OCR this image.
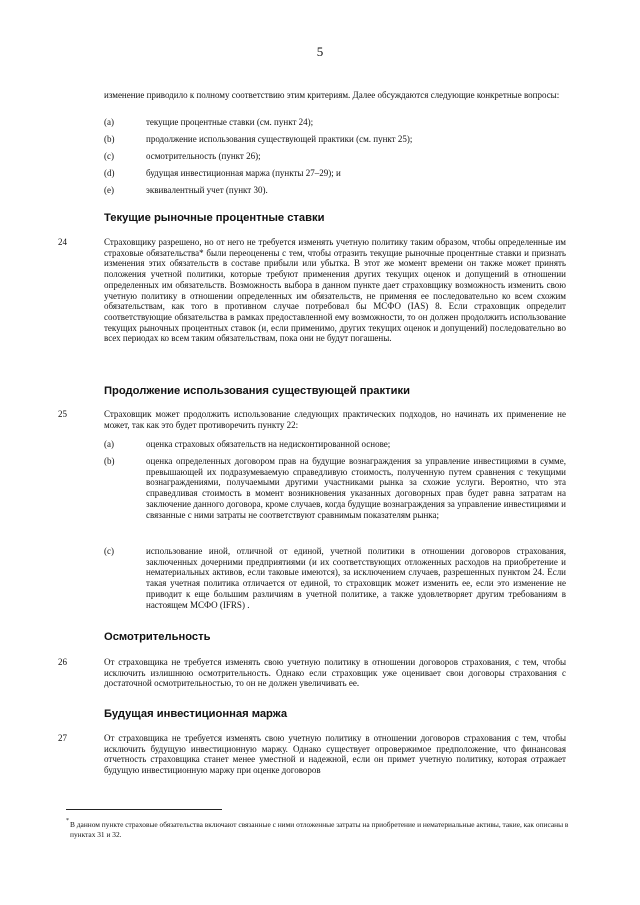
5
изменение приводило к полному соответствию этим критериям. Далее обсуждаются следующие конкретные вопросы:
(a)	текущие процентные ставки (см. пункт 24);
(b)	продолжение использования существующей практики (см. пункт 25);
(c)	осмотрительность (пункт 26);
(d)	будущая инвестиционная маржа (пункты 27–29); и
(e)	эквивалентный учет (пункт 30).
Текущие рыночные процентные ставки
24	Страховщику разрешено, но от него не требуется изменять учетную политику таким образом, чтобы определенные им страховые обязательства* были переоценены с тем, чтобы отразить текущие рыночные процентные ставки и признать изменения этих обязательств в составе прибыли или убытка. В этот же момент времени он также может принять положения учетной политики, которые требуют применения других текущих оценок и допущений в отношении определенных им обязательств. Возможность выбора в данном пункте дает страховщику возможность изменить свою учетную политику в отношении определенных им обязательств, не применяя ее последовательно ко всем схожим обязательствам, как того в противном случае потребовал бы МСФО (IAS) 8. Если страховщик определит соответствующие обязательства в рамках предоставленной ему возможности, то он должен продолжить использование текущих рыночных процентных ставок (и, если применимо, других текущих оценок и допущений) последовательно во всех периодах ко всем таким обязательствам, пока они не будут погашены.
Продолжение использования существующей практики
25	Страховщик может продолжить использование следующих практических подходов, но начинать их применение не может, так как это будет противоречить пункту 22:
(a)	оценка страховых обязательств на недисконтированной основе;
(b)	оценка определенных договором прав на будущие вознаграждения за управление инвестициями в сумме, превышающей их подразумеваемую справедливую стоимость, полученную путем сравнения с текущими вознаграждениями, получаемыми другими участниками рынка за схожие услуги. Вероятно, что эта справедливая стоимость в момент возникновения указанных договорных прав будет равна затратам на заключение данного договора, кроме случаев, когда будущие вознаграждения за управление инвестициями и связанные с ними затраты не соответствуют сравнимым показателям рынка;
(c)	использование иной, отличной от единой, учетной политики в отношении договоров страхования, заключенных дочерними предприятиями (и их соответствующих отложенных расходов на приобретение и нематериальных активов, если таковые имеются), за исключением случаев, разрешенных пунктом 24. Если такая учетная политика отличается от единой, то страховщик может изменить ее, если это изменение не приводит к еще большим различиям в учетной политике, а также удовлетворяет другим требованиям в настоящем МСФО (IFRS) .
Осмотрительность
26	От страховщика не требуется изменять свою учетную политику в отношении договоров страхования, с тем, чтобы исключить излишнюю осмотрительность. Однако если страховщик уже оценивает свои договоры страхования с достаточной осмотрительностью, то он не должен увеличивать ее.
Будущая инвестиционная маржа
27	От страховщика не требуется изменять свою учетную политику в отношении договоров страхования с тем, чтобы исключить будущую инвестиционную маржу. Однако существует опровержимое предположение, что финансовая отчетность страховщика станет менее уместной и надежной, если он примет учетную политику, которая отражает будущую инвестиционную маржу при оценке договоров
* В данном пункте страховые обязательства включают связанные с ними отложенные затраты на приобретение и нематериальные активы, такие, как описаны в пунктах 31 и 32.
